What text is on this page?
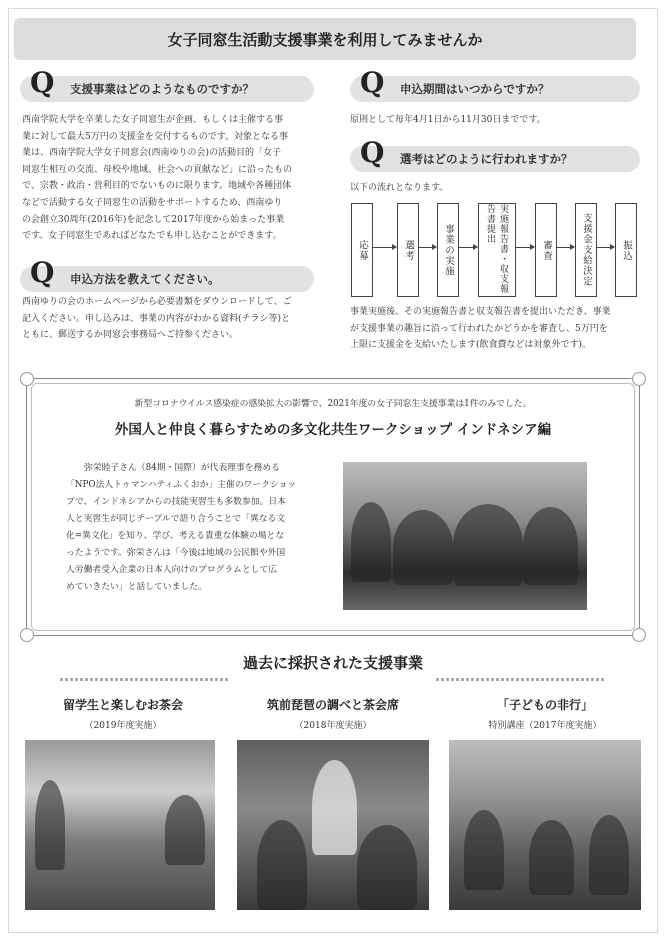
女子同窓生活動支援事業を利用してみませんか
Q 支援事業はどのようなものですか？
西南学院大学を卒業した女子同窓生が企画、もしくは主催する事
業に対して最大5万円の支援金を交付するものです。対象となる事
業は、西南学院大学女子同窓会(西南ゆりの会)の活動目的「女子
同窓生相互の交流、母校や地域、社会への貢献など」に沿ったもの
で、宗教・政治・営利目的でないものに限ります。地域や各種団体
などで活動する女子同窓生の活動をサポートするため、西南ゆり
の会創立30周年(2016年)を記念して2017年度から始まった事業
です。女子同窓生であればどなたでも申し込むことができます。
Q 申込方法を教えてください。
西南ゆりの会のホームページから必要書類をダウンロードして、ご
記入ください。申し込みは、事業の内容がわかる資料(チラシ等)と
ともに、郵送するか同窓会事務局へご持参ください。
Q 申込期間はいつからですか？
原則として毎年4月1日から11月30日までです。
Q 選考はどのように行われますか？
以下の流れとなります。
応募	選考	事業の実施	実施報告書・収支報告書提出
審査	支援金支給決定	振込
事業実施後、その実施報告書と収支報告書を提出いただき、事業
が支援事業の趣旨に沿って行われたかどうかを審査し、5万円を
上限に支援金を支給いたします(飲食費などは対象外です)。
新型コロナウイルス感染症の感染拡大の影響で、2021年度の女子同窓生支援事業は1件のみでした。
外国人と仲良く暮らすための多文化共生ワークショップ インドネシア編
弥栄睦子さん（84期・国際）が代表理事を務める
「NPO法人トゥマンハティふくおか」主催のワークショッ
プで、インドネシアからの技能実習生も多数参加。日本
人と実習生が同じテーブルで語り合うことで「異なる文
化=異文化」を知り、学び、考える貴重な体験の場とな
ったようです。弥栄さんは「今後は地域の公民館や外国
人労働者受入企業の日本人向けのプログラムとして広
めていきたい」と話していました。
過去に採択された支援事業
留学生と楽しむお茶会
（2019年度実施）
筑前琵琶の調べと茶会席
（2018年度実施）
「子どもの非行」
特別講座（2017年度実施）
